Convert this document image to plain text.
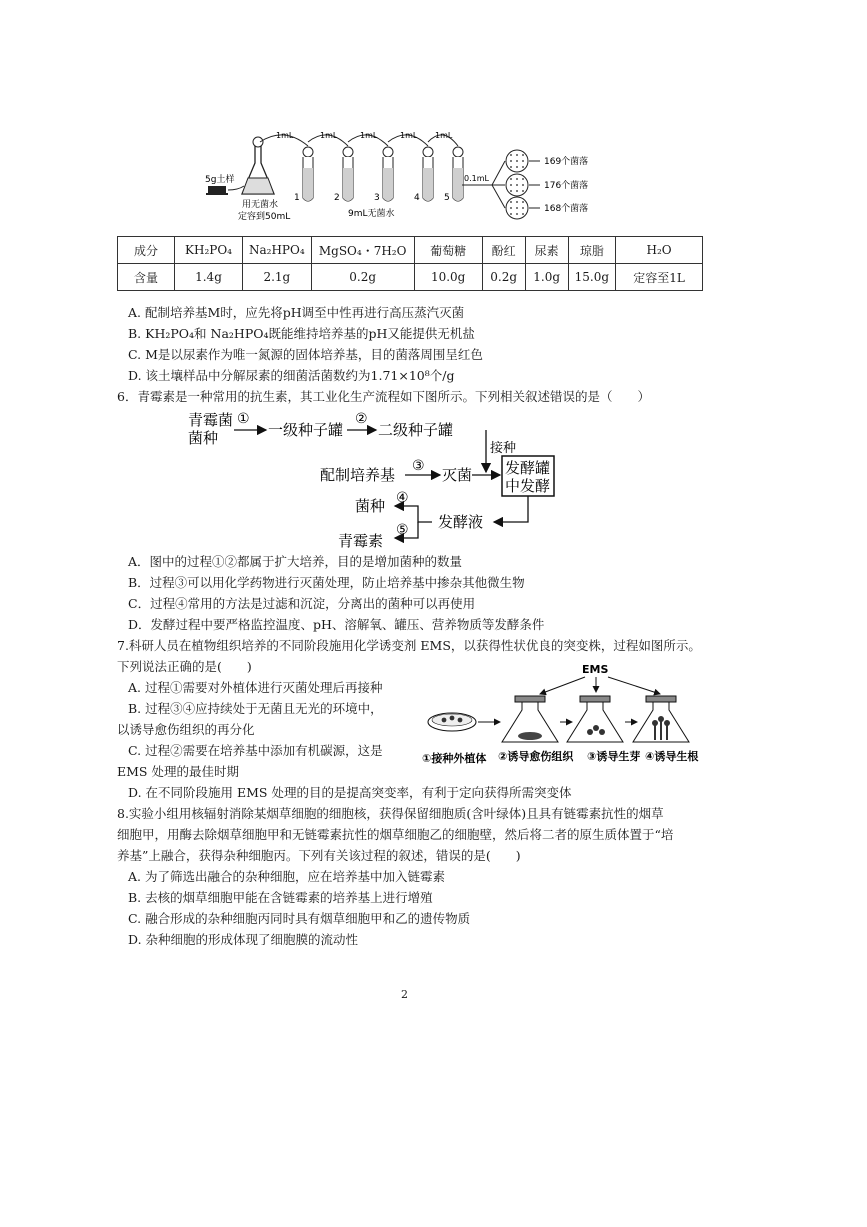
5g土样
用无菌水
定容到50mL
1mL
1
1mL
2
1mL
3
1mL
4
1mL
5
9mL无菌水
0.1mL
169个菌落
176个菌落
168个菌落
成分	KH₂PO₄	Na₂HPO₄	MgSO₄・7H₂O	葡萄糖	酚红	尿素	琼脂	H₂O
含量	1.4g	2.1g	0.2g	10.0g	0.2g	1.0g	15.0g	定容至1L
A. 配制培养基M时，应先将pH调至中性再进行高压蒸汽灭菌
B. KH₂PO₄和 Na₂HPO₄既能维持培养基的pH又能提供无机盐
C. M是以尿素作为唯一氮源的固体培养基，目的菌落周围呈红色
D. 该土壤样品中分解尿素的细菌活菌数约为1.71×10⁸个/g
6．青霉素是一种常用的抗生素，其工业化生产流程如下图所示。下列相关叙述错误的是（　　）
青霉菌
菌种
①
一级种子罐
②
二级种子罐
接种
配制培养基 ③ 灭菌 发酵罐
中发酵
发酵液
④
⑤
菌种
青霉素
A．图中的过程①②都属于扩大培养，目的是增加菌种的数量
B．过程③可以用化学药物进行灭菌处理，防止培养基中掺杂其他微生物
C．过程④常用的方法是过滤和沉淀，分离出的菌种可以再使用
D．发酵过程中要严格监控温度、pH、溶解氧、罐压、营养物质等发酵条件
7.科研人员在植物组织培养的不同阶段施用化学诱变剂 EMS，以获得性状优良的突变株，过程如图所示。
下列说法正确的是(　　)
A. 过程①需要对外植体进行灭菌处理后再接种
B. 过程③④应持续处于无菌且无光的环境中，
以诱导愈伤组织的再分化
C. 过程②需要在培养基中添加有机碳源，这是
EMS 处理的最佳时期
D. 在不同阶段施用 EMS 处理的目的是提高突变率，有利于定向获得所需突变体
EMS
①接种外植体 ②诱导愈伤组织 ③诱导生芽 ④诱导生根
8.实验小组用核辐射消除某烟草细胞的细胞核，获得保留细胞质(含叶绿体)且具有链霉素抗性的烟草
细胞甲，用酶去除烟草细胞甲和无链霉素抗性的烟草细胞乙的细胞壁，然后将二者的原生质体置于“培
养基”上融合，获得杂种细胞丙。下列有关该过程的叙述，错误的是(　　)
A. 为了筛选出融合的杂种细胞，应在培养基中加入链霉素
B. 去核的烟草细胞甲能在含链霉素的培养基上进行增殖
C. 融合形成的杂种细胞丙同时具有烟草细胞甲和乙的遗传物质
D. 杂种细胞的形成体现了细胞膜的流动性
2
